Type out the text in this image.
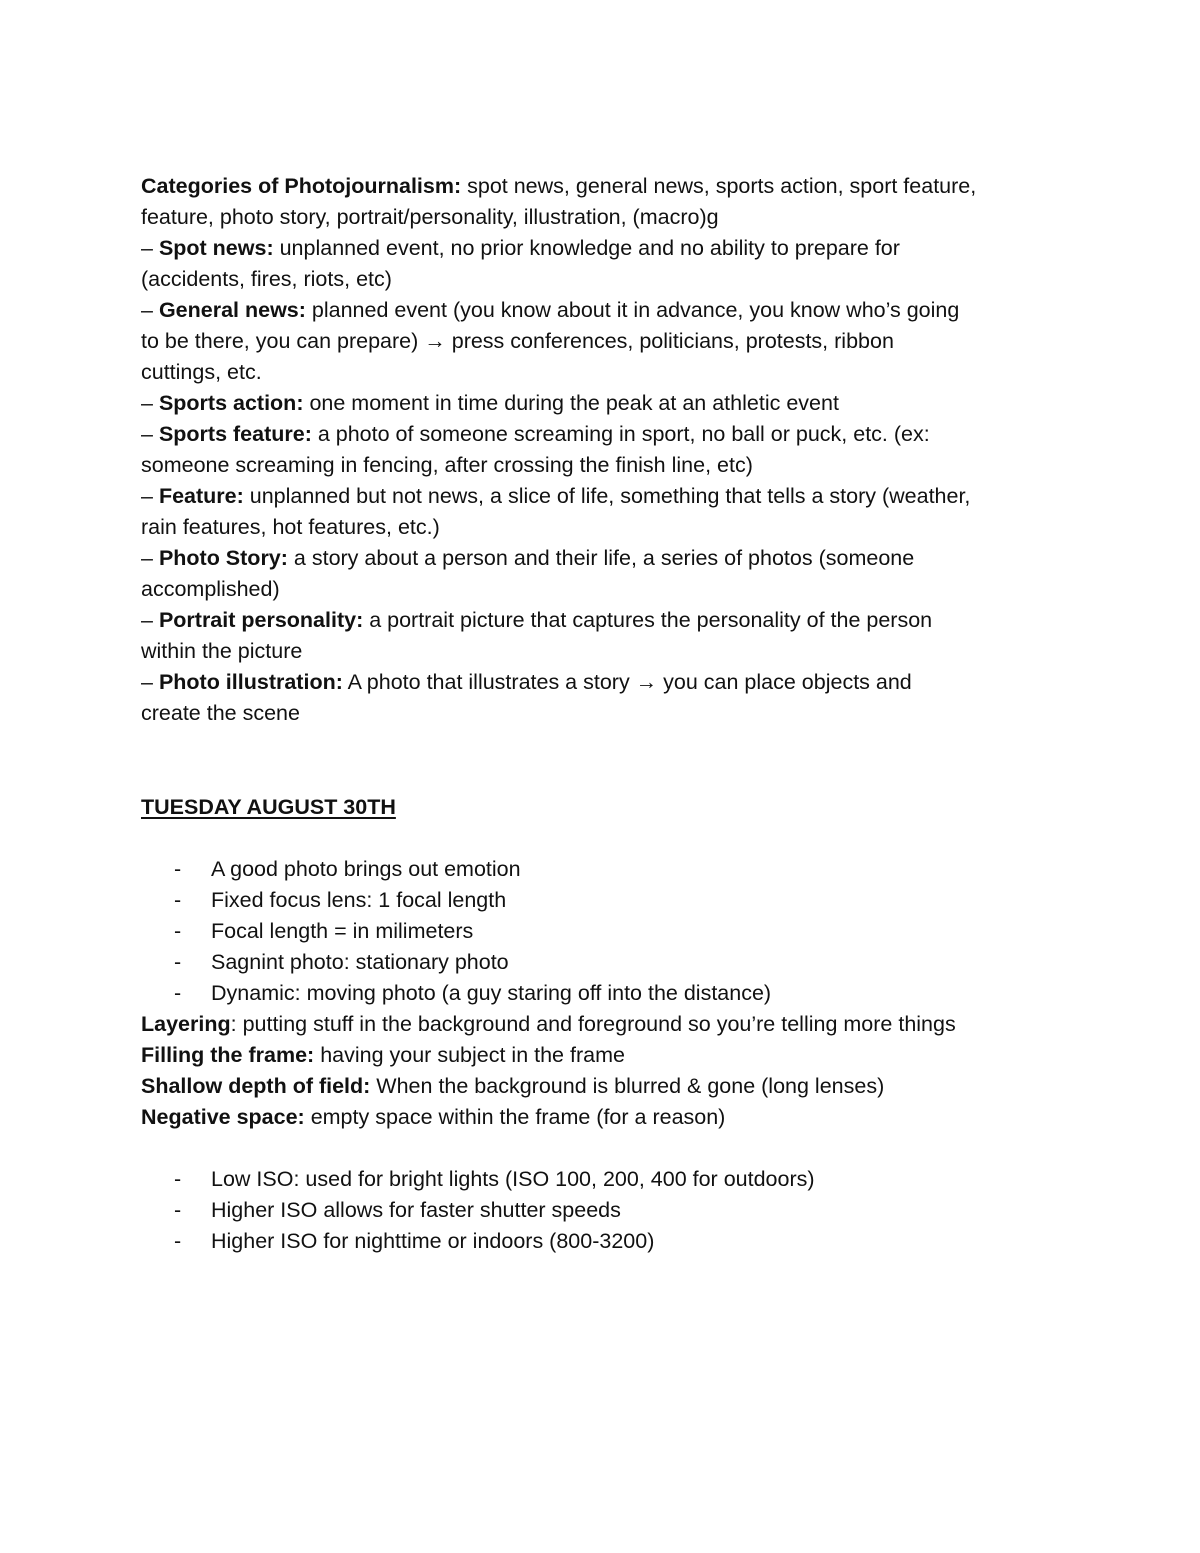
Categories of Photojournalism: spot news, general news, sports action, sport feature,
feature, photo story, portrait/personality, illustration, (macro)g
– Spot news: unplanned event, no prior knowledge and no ability to prepare for
(accidents, fires, riots, etc)
– General news: planned event (you know about it in advance, you know who’s going
to be there, you can prepare) → press conferences, politicians, protests, ribbon
cuttings, etc.
– Sports action: one moment in time during the peak at an athletic event
– Sports feature: a photo of someone screaming in sport, no ball or puck, etc. (ex:
someone screaming in fencing, after crossing the finish line, etc)
– Feature: unplanned but not news, a slice of life, something that tells a story (weather,
rain features, hot features, etc.)
– Photo Story: a story about a person and their life, a series of photos (someone
accomplished)
– Portrait personality: a portrait picture that captures the personality of the person
within the picture
– Photo illustration: A photo that illustrates a story → you can place objects and
create the scene
TUESDAY AUGUST 30TH
- A good photo brings out emotion
- Fixed focus lens: 1 focal length
- Focal length = in milimeters
- Sagnint photo: stationary photo
- Dynamic: moving photo (a guy staring off into the distance)
Layering: putting stuff in the background and foreground so you’re telling more things
Filling the frame: having your subject in the frame
Shallow depth of field: When the background is blurred & gone (long lenses)
Negative space: empty space within the frame (for a reason)
- Low ISO: used for bright lights (ISO 100, 200, 400 for outdoors)
- Higher ISO allows for faster shutter speeds
- Higher ISO for nighttime or indoors (800-3200)
